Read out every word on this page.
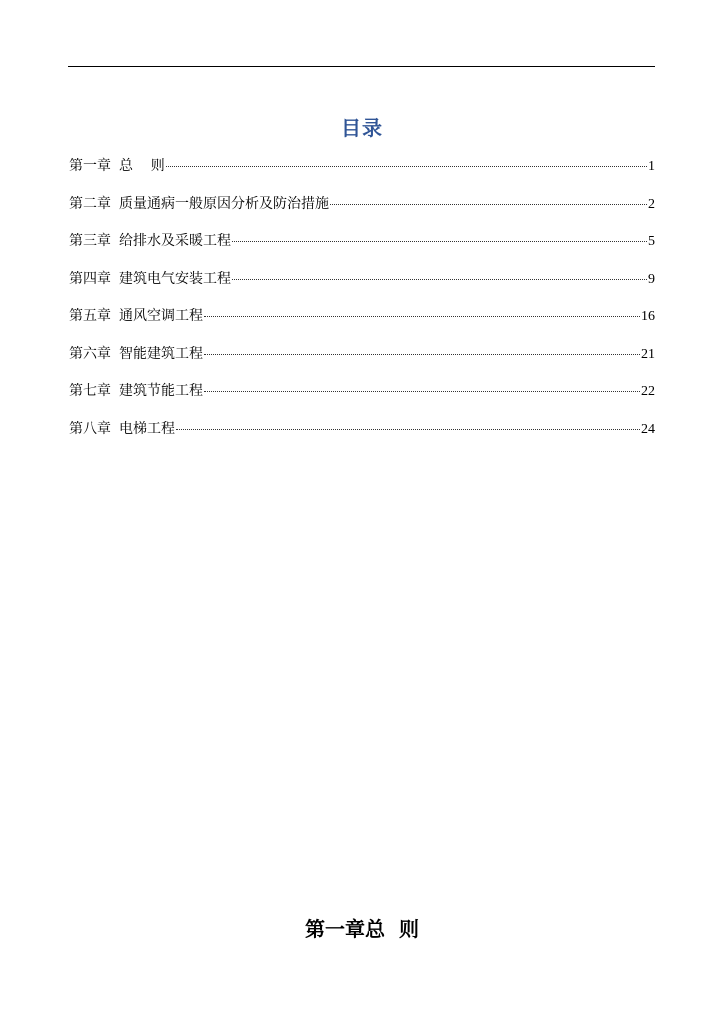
目录
第一章 总    则	1
第二章 质量通病一般原因分析及防治措施	2
第三章 给排水及采暖工程	5
第四章 建筑电气安装工程	9
第五章 通风空调工程	16
第六章 智能建筑工程	21
第七章 建筑节能工程	22
第八章 电梯工程	24
第一章总  则
